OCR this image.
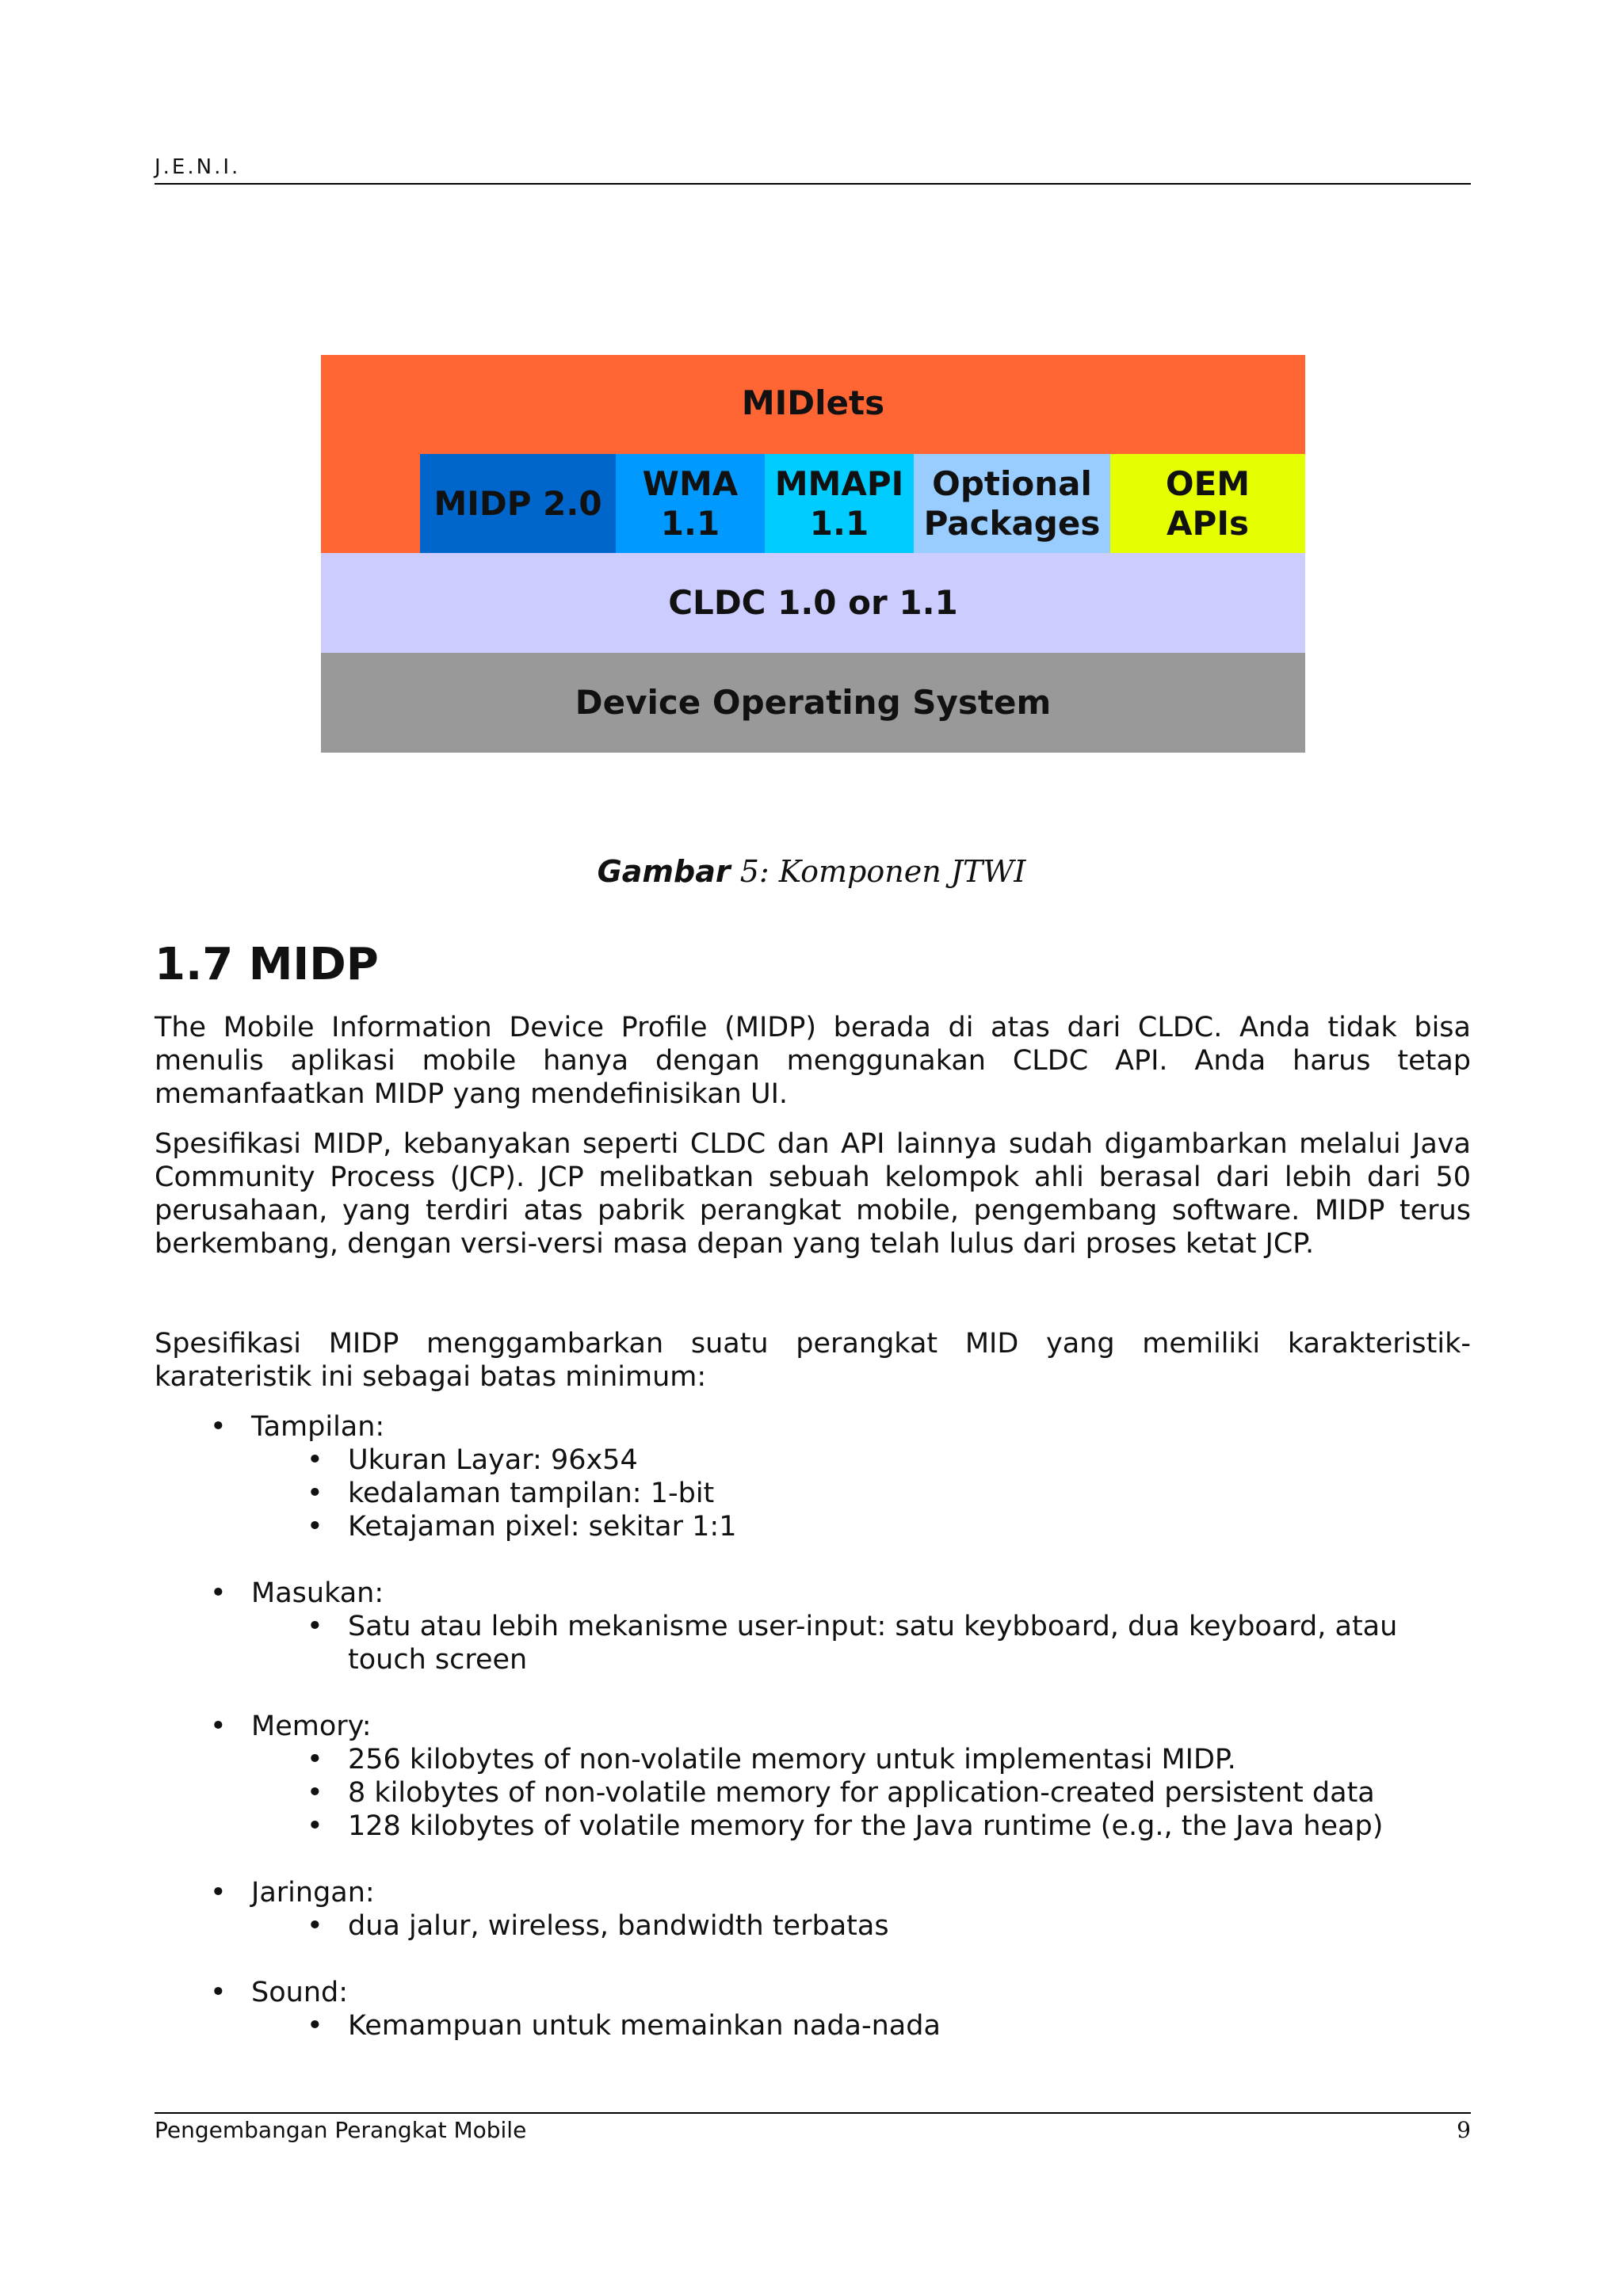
J.E.N.I.
MIDlets
MIDP 2.0
WMA
1.1
MMAPI
1.1
Optional
Packages
OEM
APIs
CLDC 1.0 or 1.1
Device Operating System
Gambar 5: Komponen JTWI
1.7 MIDP

The Mobile Information Device Profile (MIDP) berada di atas dari CLDC. Anda tidak bisa menulis aplikasi mobile hanya dengan menggunakan CLDC API. Anda harus tetap memanfaatkan MIDP yang mendefinisikan UI.

Spesifikasi MIDP, kebanyakan seperti CLDC dan API lainnya sudah digambarkan melalui Java Community Process (JCP). JCP melibatkan sebuah kelompok ahli berasal dari lebih dari 50 perusahaan, yang terdiri atas pabrik perangkat mobile, pengembang software. MIDP terus berkembang, dengan versi-versi masa depan yang telah lulus dari proses ketat JCP.

Spesifikasi MIDP menggambarkan suatu perangkat MID yang memiliki karakteristik-karateristik ini sebagai batas minimum:

• Tampilan:
• Ukuran Layar: 96x54
• kedalaman tampilan: 1-bit
• Ketajaman pixel: sekitar 1:1
• Masukan:
• Satu atau lebih mekanisme user-input: satu keybboard, dua keyboard, atau touch screen
• Memory:
• 256 kilobytes of non-volatile memory untuk implementasi MIDP.
• 8 kilobytes of non-volatile memory for application-created persistent data
• 128 kilobytes of volatile memory for the Java runtime (e.g., the Java heap)
• Jaringan:
• dua jalur, wireless, bandwidth terbatas
• Sound:
• Kemampuan untuk memainkan nada-nada
Pengembangan Perangkat Mobile	9
